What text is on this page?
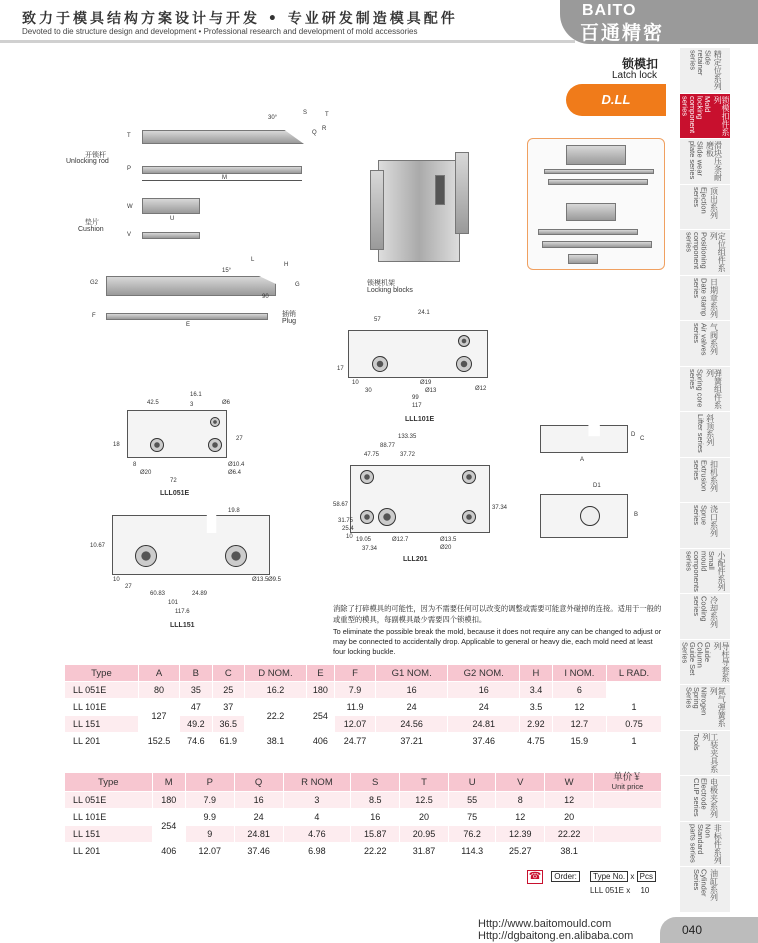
致力于模具结构方案设计与开发 • 专业研发制造模具配件
Devoted to die structure design and development • Professional research and development of mold accessories
BAITO
百通精密
锁模扣
Latch lock
D.LL
精定位系列
Side retainer series
锁模扣件系列
Mold locking component series
滑块压条耐磨板
Slide wear plate series
顶出系列
Ejection series
定位组件系列
Positioning component series
日期章系列
Date stamp series
气阀系列
Air valves series
弹簧组件系列
Spring core series
斜顶系列
Lifter series
扣机系列
Extrusion series
浇口系列
Sprue series
小配件系列
Small mould components series
冷却系列
Cooling series
导柱导套系列
Guide Column Guide Set Series
氮气弹簧系列
Nitrogen Spring Series
工装夹具系列
Tools
电极夹系列
Electrode CLIP series
非标件系列
Non Standard parts series
油缸系列
Cylinder Series
30°
S	T
Q
R
T
P
M
开锁杆
Unlocking rod
W
U
V
垫片
Cushion
L
H
15°
G2	G
90
F
E
插销
Plug
锁模机架
Locking blocks
57
24.1
17
10
30
99
117
Ø19
Ø13	Ø12
LLL101E
42.5
16.1
3	Ø6
27
18
8
Ø20
72
Ø10.4
Ø6.4
LLL051E
133.35
88.77
47.75	37.72
58.67
31.75
25.4
10 19.05
37.34
Ø12.7	Ø13.5
Ø20
37.34
LLL201
19.8
10.67
10
27
60.83	24.89
101
117.6
Ø13.5 Ø9.5
LLL151
D
C
A
D1
B
消除了打碎模具的可能性，因为不需要任何可以改变的调整或需要可能意外碰掉的连接。适用于一般的或重型的模具，每副模具最少需要四个锁模扣。
To eliminate the possible break the mold, because it does not require any can be changed to adjust or may be connected to accidentally drop. Applicable to general or heavy die, each mold need at least four locking buckle.
Type	A	B	C	D NOM.	E	F	G1 NOM.	G2 NOM.	H	I NOM.	L RAD.
LL 051E	80	35	25	16.2	180	7.9	16	16	3.4	6	
LL 101E	127	47	37	22.2	254	11.9	24	24	3.5	12	1
LL 151		49.2	36.5			12.07	24.56	24.81	2.92	12.7	0.75
LL 201	152.5	74.6	61.9	38.1	406	24.77	37.21	37.46	4.75	15.9	1
Type	M	P	Q	R NOM	S	T	U	V	W	单价￥
Unit price

LL 051E	180	7.9	16	3	8.5	12.5	55	8	12	
LL 101E	254	9.9	24	4	16	20	75	12	20	
LL 151		9	24.81	4.76	15.87	20.95	76.2	12.39	22.22	
LL 201	406	12.07	37.46	6.98	22.22	31.87	114.3	25.27	38.1	
☎ Order: Type No. x Pcs
LLL 051E x 10
Http://www.baitomould.com
Http://dgbaitong.en.alibaba.com	040
